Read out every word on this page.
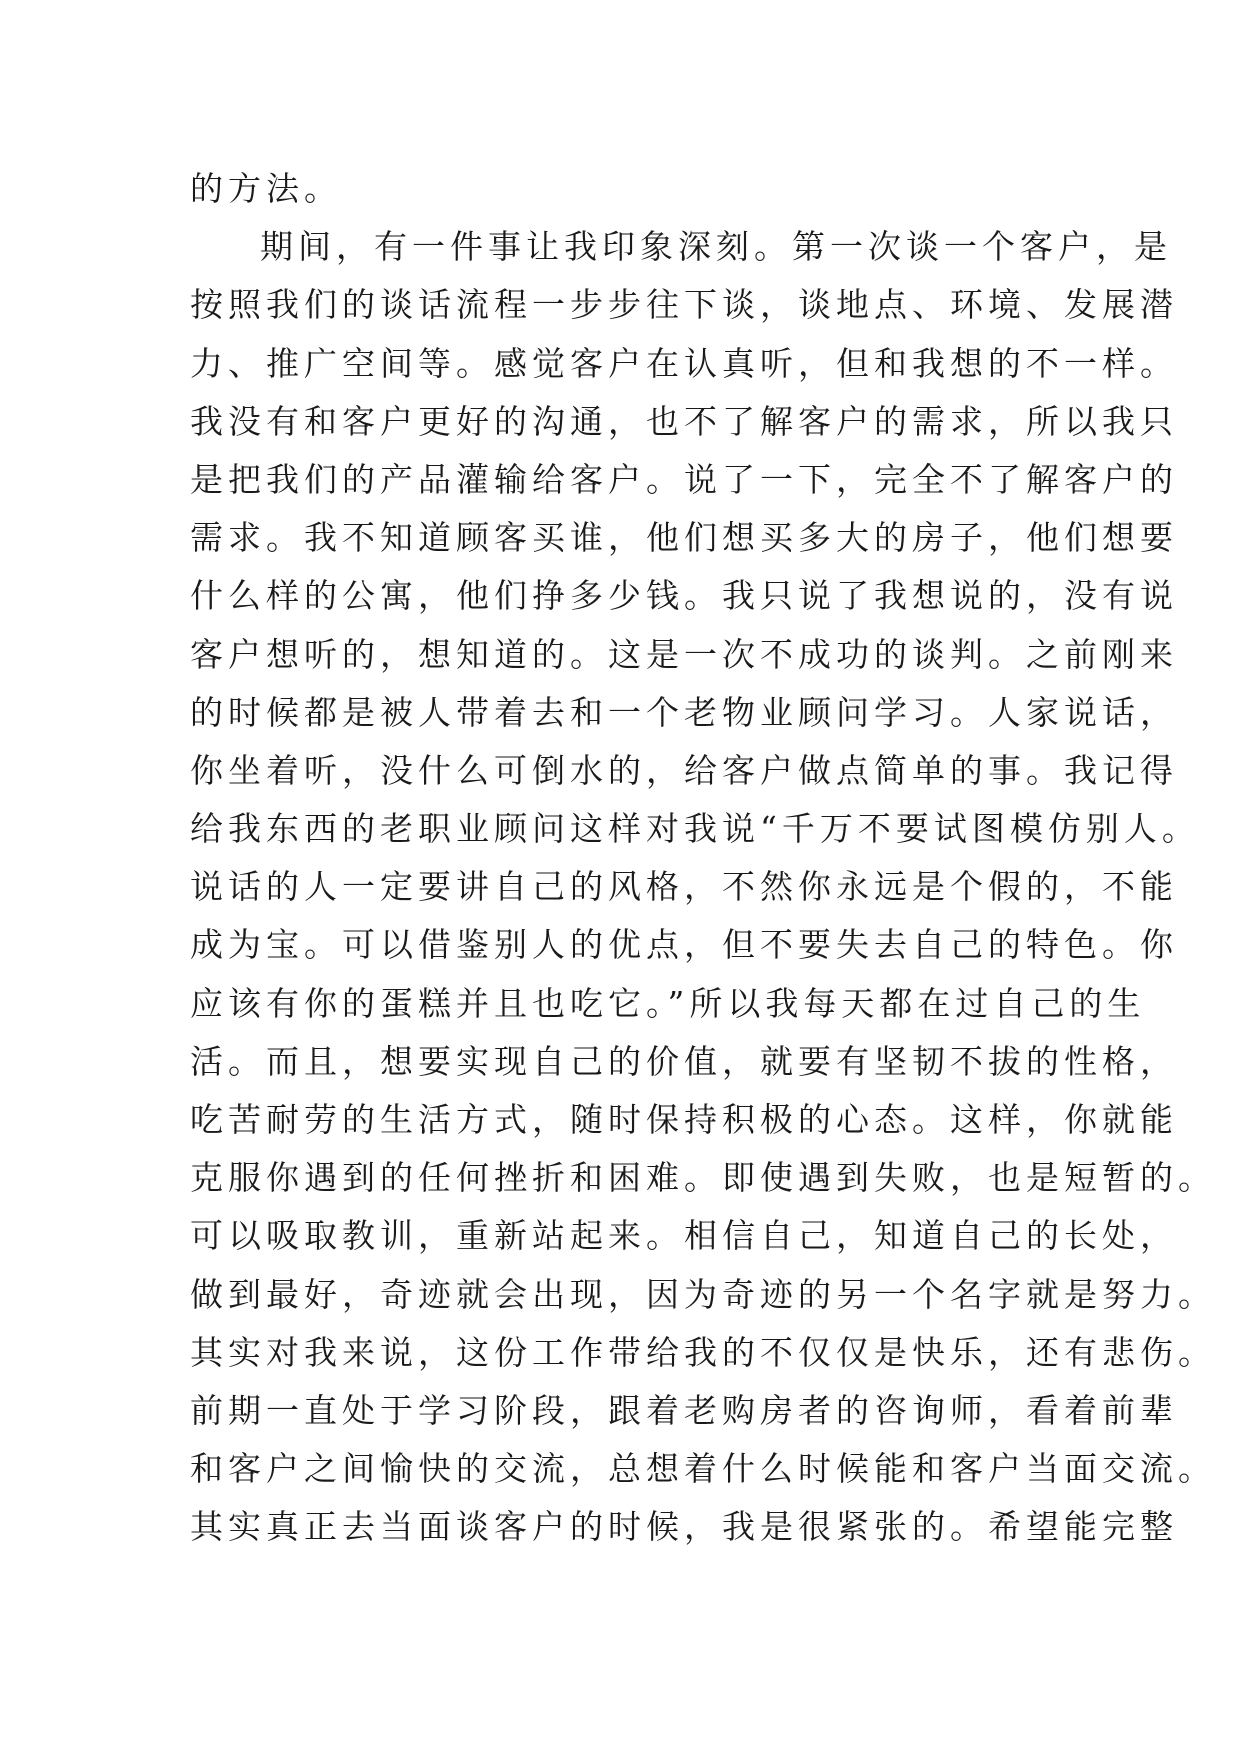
的方法。
期间，有一件事让我印象深刻。第一次谈一个客户，是
按照我们的谈话流程一步步往下谈，谈地点、环境、发展潜
力、推广空间等。感觉客户在认真听，但和我想的不一样。
我没有和客户更好的沟通，也不了解客户的需求，所以我只
是把我们的产品灌输给客户。说了一下，完全不了解客户的
需求。我不知道顾客买谁，他们想买多大的房子，他们想要
什么样的公寓，他们挣多少钱。我只说了我想说的，没有说
客户想听的，想知道的。这是一次不成功的谈判。之前刚来
的时候都是被人带着去和一个老物业顾问学习。人家说话，
你坐着听，没什么可倒水的，给客户做点简单的事。我记得
给我东西的老职业顾问这样对我说“千万不要试图模仿别人。
说话的人一定要讲自己的风格，不然你永远是个假的，不能
成为宝。可以借鉴别人的优点，但不要失去自己的特色。你
应该有你的蛋糕并且也吃它。”所以我每天都在过自己的生
活。而且，想要实现自己的价值，就要有坚韧不拔的性格，
吃苦耐劳的生活方式，随时保持积极的心态。这样，你就能
克服你遇到的任何挫折和困难。即使遇到失败，也是短暂的。
可以吸取教训，重新站起来。相信自己，知道自己的长处，
做到最好，奇迹就会出现，因为奇迹的另一个名字就是努力。
其实对我来说，这份工作带给我的不仅仅是快乐，还有悲伤。
前期一直处于学习阶段，跟着老购房者的咨询师，看着前辈
和客户之间愉快的交流，总想着什么时候能和客户当面交流。
其实真正去当面谈客户的时候，我是很紧张的。希望能完整
